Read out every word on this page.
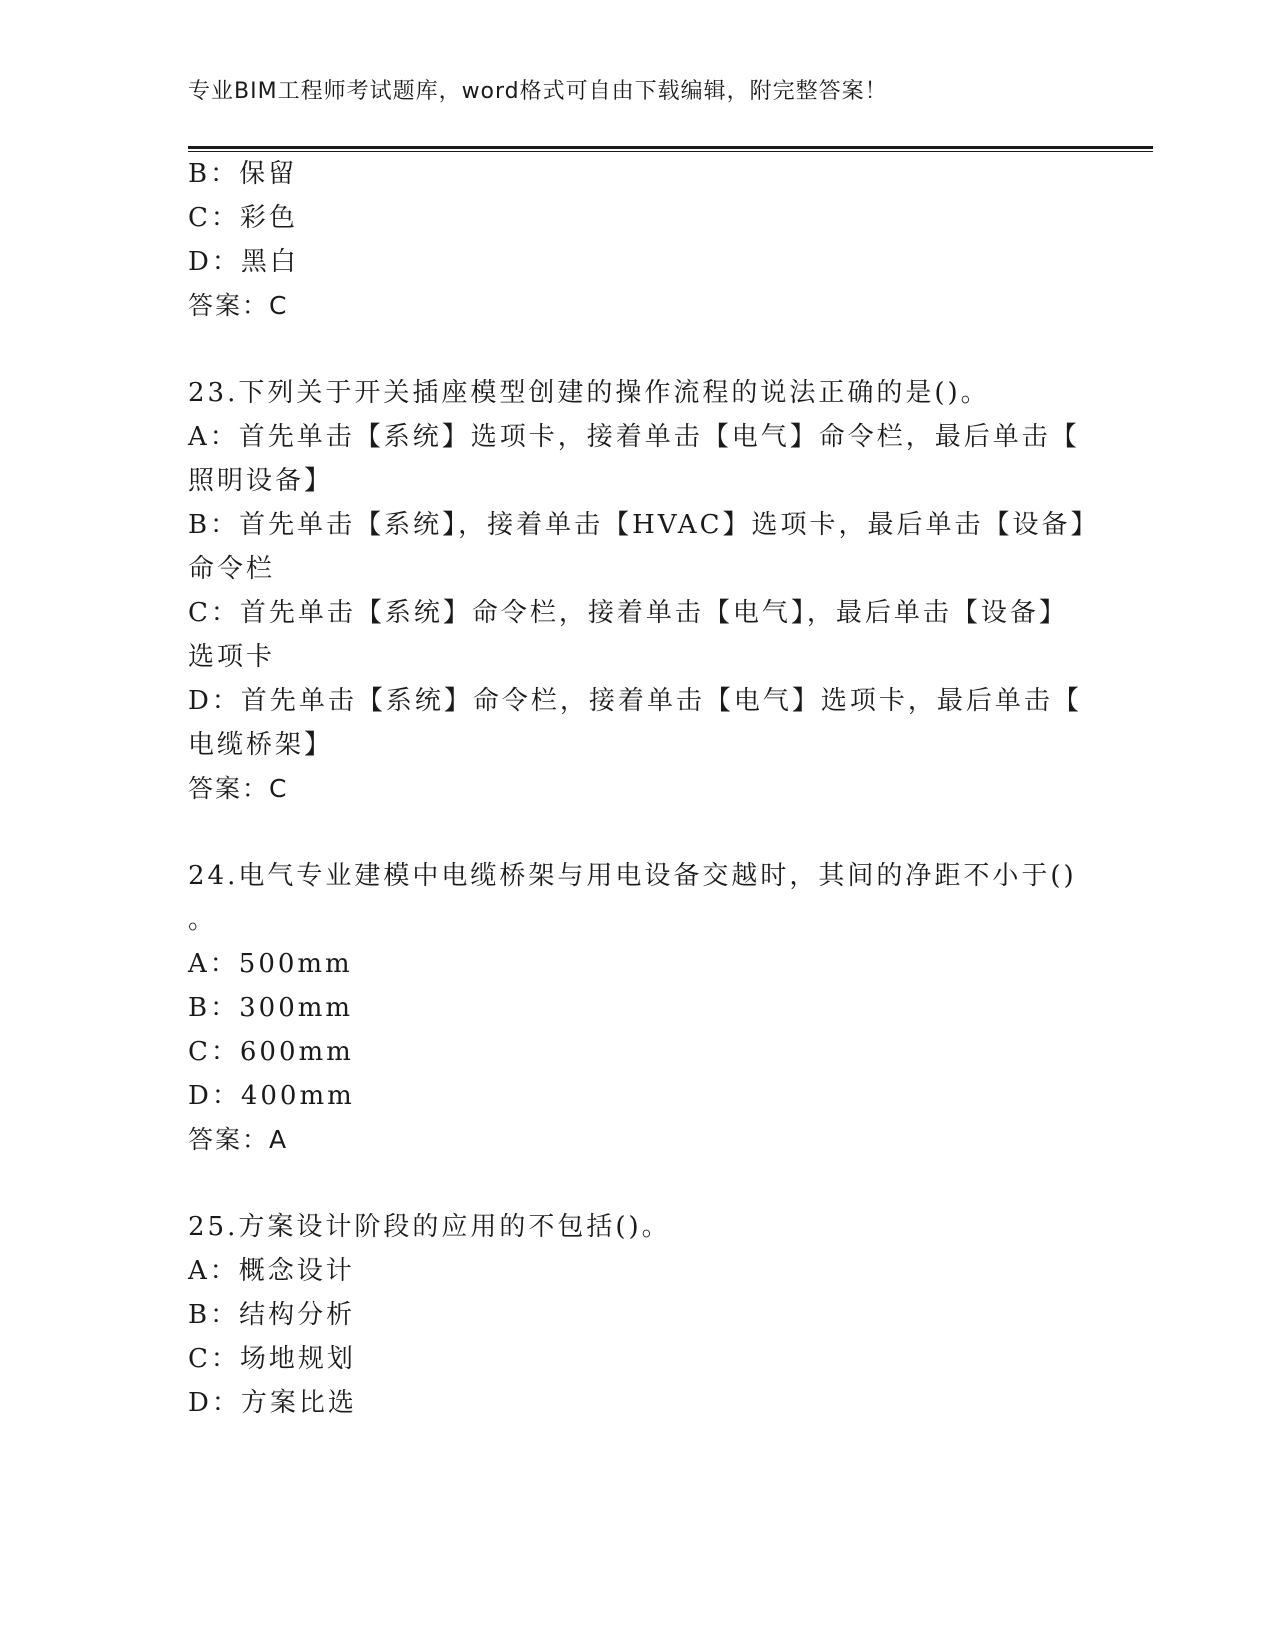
专业BIM工程师考试题库，word格式可自由下载编辑，附完整答案！
B：保留
C：彩色
D：黑白
答案：C
23.下列关于开关插座模型创建的操作流程的说法正确的是()。
A：首先单击【系统】选项卡，接着单击【电气】命令栏，最后单击【
照明设备】
B：首先单击【系统】，接着单击【HVAC】选项卡，最后单击【设备】
命令栏
C：首先单击【系统】命令栏，接着单击【电气】，最后单击【设备】
选项卡
D：首先单击【系统】命令栏，接着单击【电气】选项卡，最后单击【
电缆桥架】
答案：C
24.电气专业建模中电缆桥架与用电设备交越时，其间的净距不小于()
。
A：500mm
B：300mm
C：600mm
D：400mm
答案：A
25.方案设计阶段的应用的不包括()。
A：概念设计
B：结构分析
C：场地规划
D：方案比选
